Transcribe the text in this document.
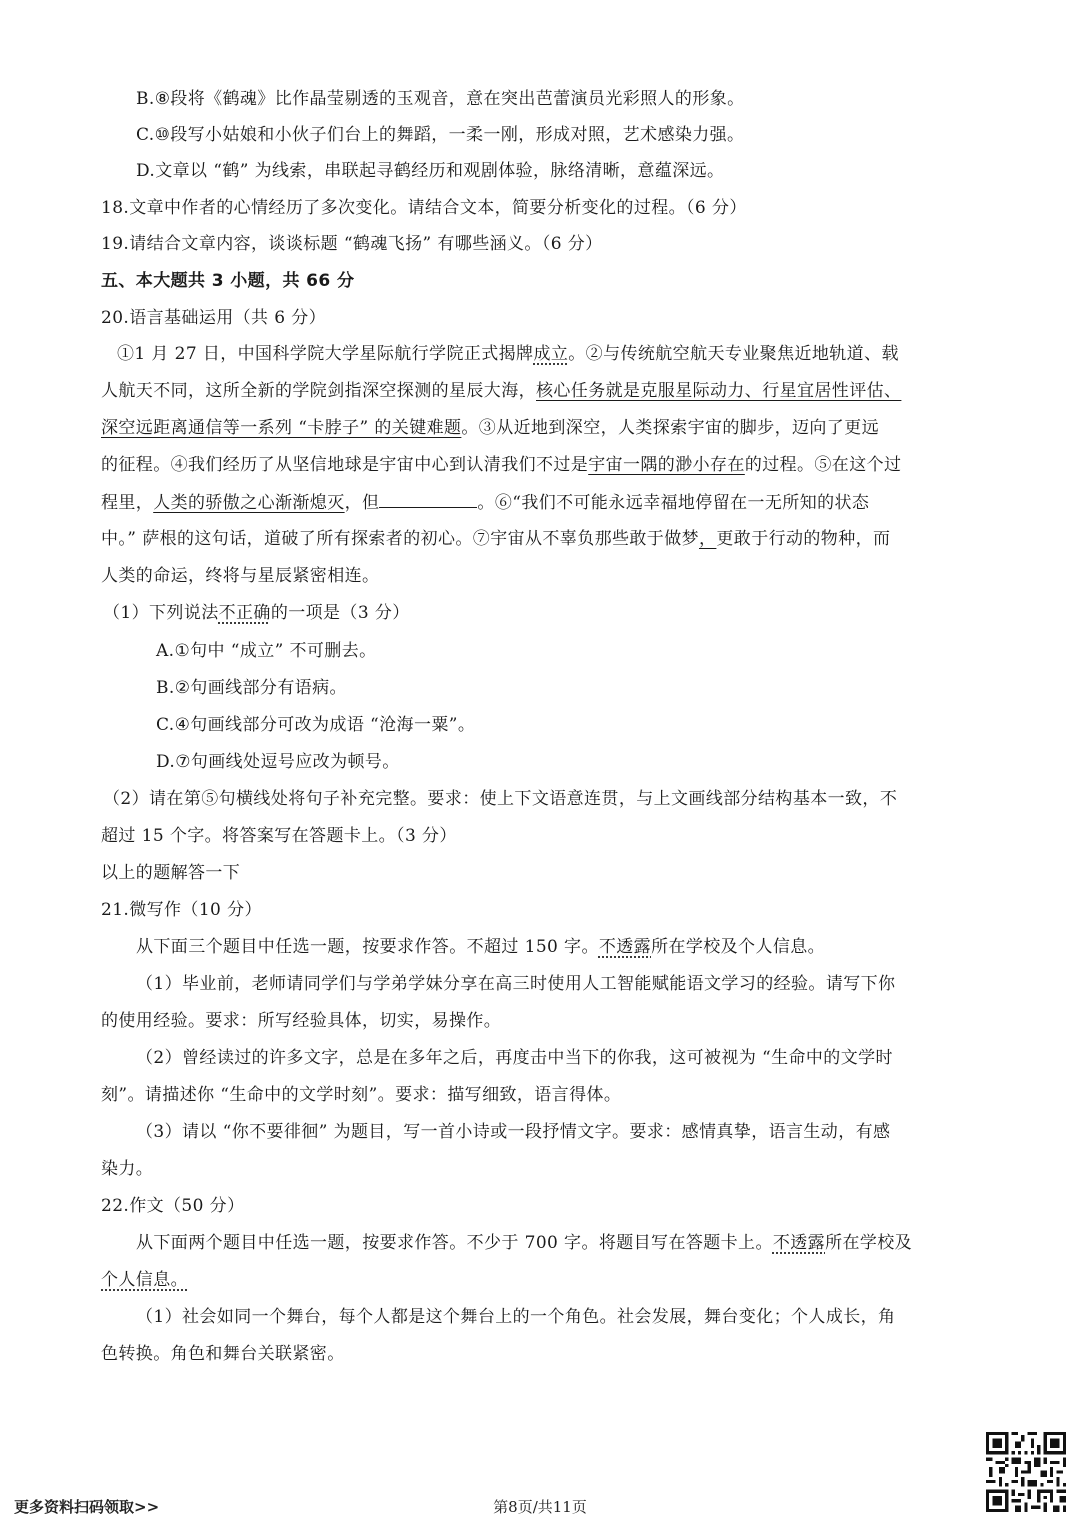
B.⑧段将《鹤魂》比作晶莹剔透的玉观音，意在突出芭蕾演员光彩照人的形象。
C.⑩段写小姑娘和小伙子们台上的舞蹈，一柔一刚，形成对照，艺术感染力强。
D.文章以 “鹤” 为线索，串联起寻鹤经历和观剧体验，脉络清晰，意蕴深远。
18.文章中作者的心情经历了多次变化。请结合文本，简要分析变化的过程。（6 分）
19.请结合文章内容，谈谈标题 “鹤魂飞扬” 有哪些涵义。（6 分）
五、本大题共 3 小题，共 66 分
20.语言基础运用（共 6 分）
①1 月 27 日，中国科学院大学星际航行学院正式揭牌成立。②与传统航空航天专业聚焦近地轨道、载
人航天不同，这所全新的学院剑指深空探测的星辰大海，核心任务就是克服星际动力、行星宜居性评估、
深空远距离通信等一系列 “卡脖子” 的关键难题。③从近地到深空，人类探索宇宙的脚步，迈向了更远
的征程。④我们经历了从坚信地球是宇宙中心到认清我们不过是宇宙一隅的渺小存在的过程。⑤在这个过
程里，人类的骄傲之心渐渐熄灭，但	。⑥“我们不可能永远幸福地停留在一无所知的状态
中。” 萨根的这句话，道破了所有探索者的初心。⑦宇宙从不辜负那些敢于做梦，更敢于行动的物种，而
人类的命运，终将与星辰紧密相连。
（1）下列说法不正确的一项是（3 分）
A.①句中 “成立” 不可删去。
B.②句画线部分有语病。
C.④句画线部分可改为成语 “沧海一粟”。
D.⑦句画线处逗号应改为顿号。
（2）请在第⑤句横线处将句子补充完整。要求：使上下文语意连贯，与上文画线部分结构基本一致，不
超过 15 个字。将答案写在答题卡上。（3 分）
以上的题解答一下
21.微写作（10 分）
从下面三个题目中任选一题，按要求作答。不超过 150 字。不透露所在学校及个人信息。
（1）毕业前，老师请同学们与学弟学妹分享在高三时使用人工智能赋能语文学习的经验。请写下你
的使用经验。要求：所写经验具体，切实，易操作。
（2）曾经读过的许多文字，总是在多年之后，再度击中当下的你我，这可被视为 “生命中的文学时
刻”。请描述你 “生命中的文学时刻”。要求：描写细致，语言得体。
（3）请以 “你不要徘徊” 为题目，写一首小诗或一段抒情文字。要求：感情真挚，语言生动，有感
染力。
22.作文（50 分）
从下面两个题目中任选一题，按要求作答。不少于 700 字。将题目写在答题卡上。不透露所在学校及
个人信息。
（1）社会如同一个舞台，每个人都是这个舞台上的一个角色。社会发展，舞台变化；个人成长，角
色转换。角色和舞台关联紧密。
更多资料扫码领取>>	第8页/共11页
